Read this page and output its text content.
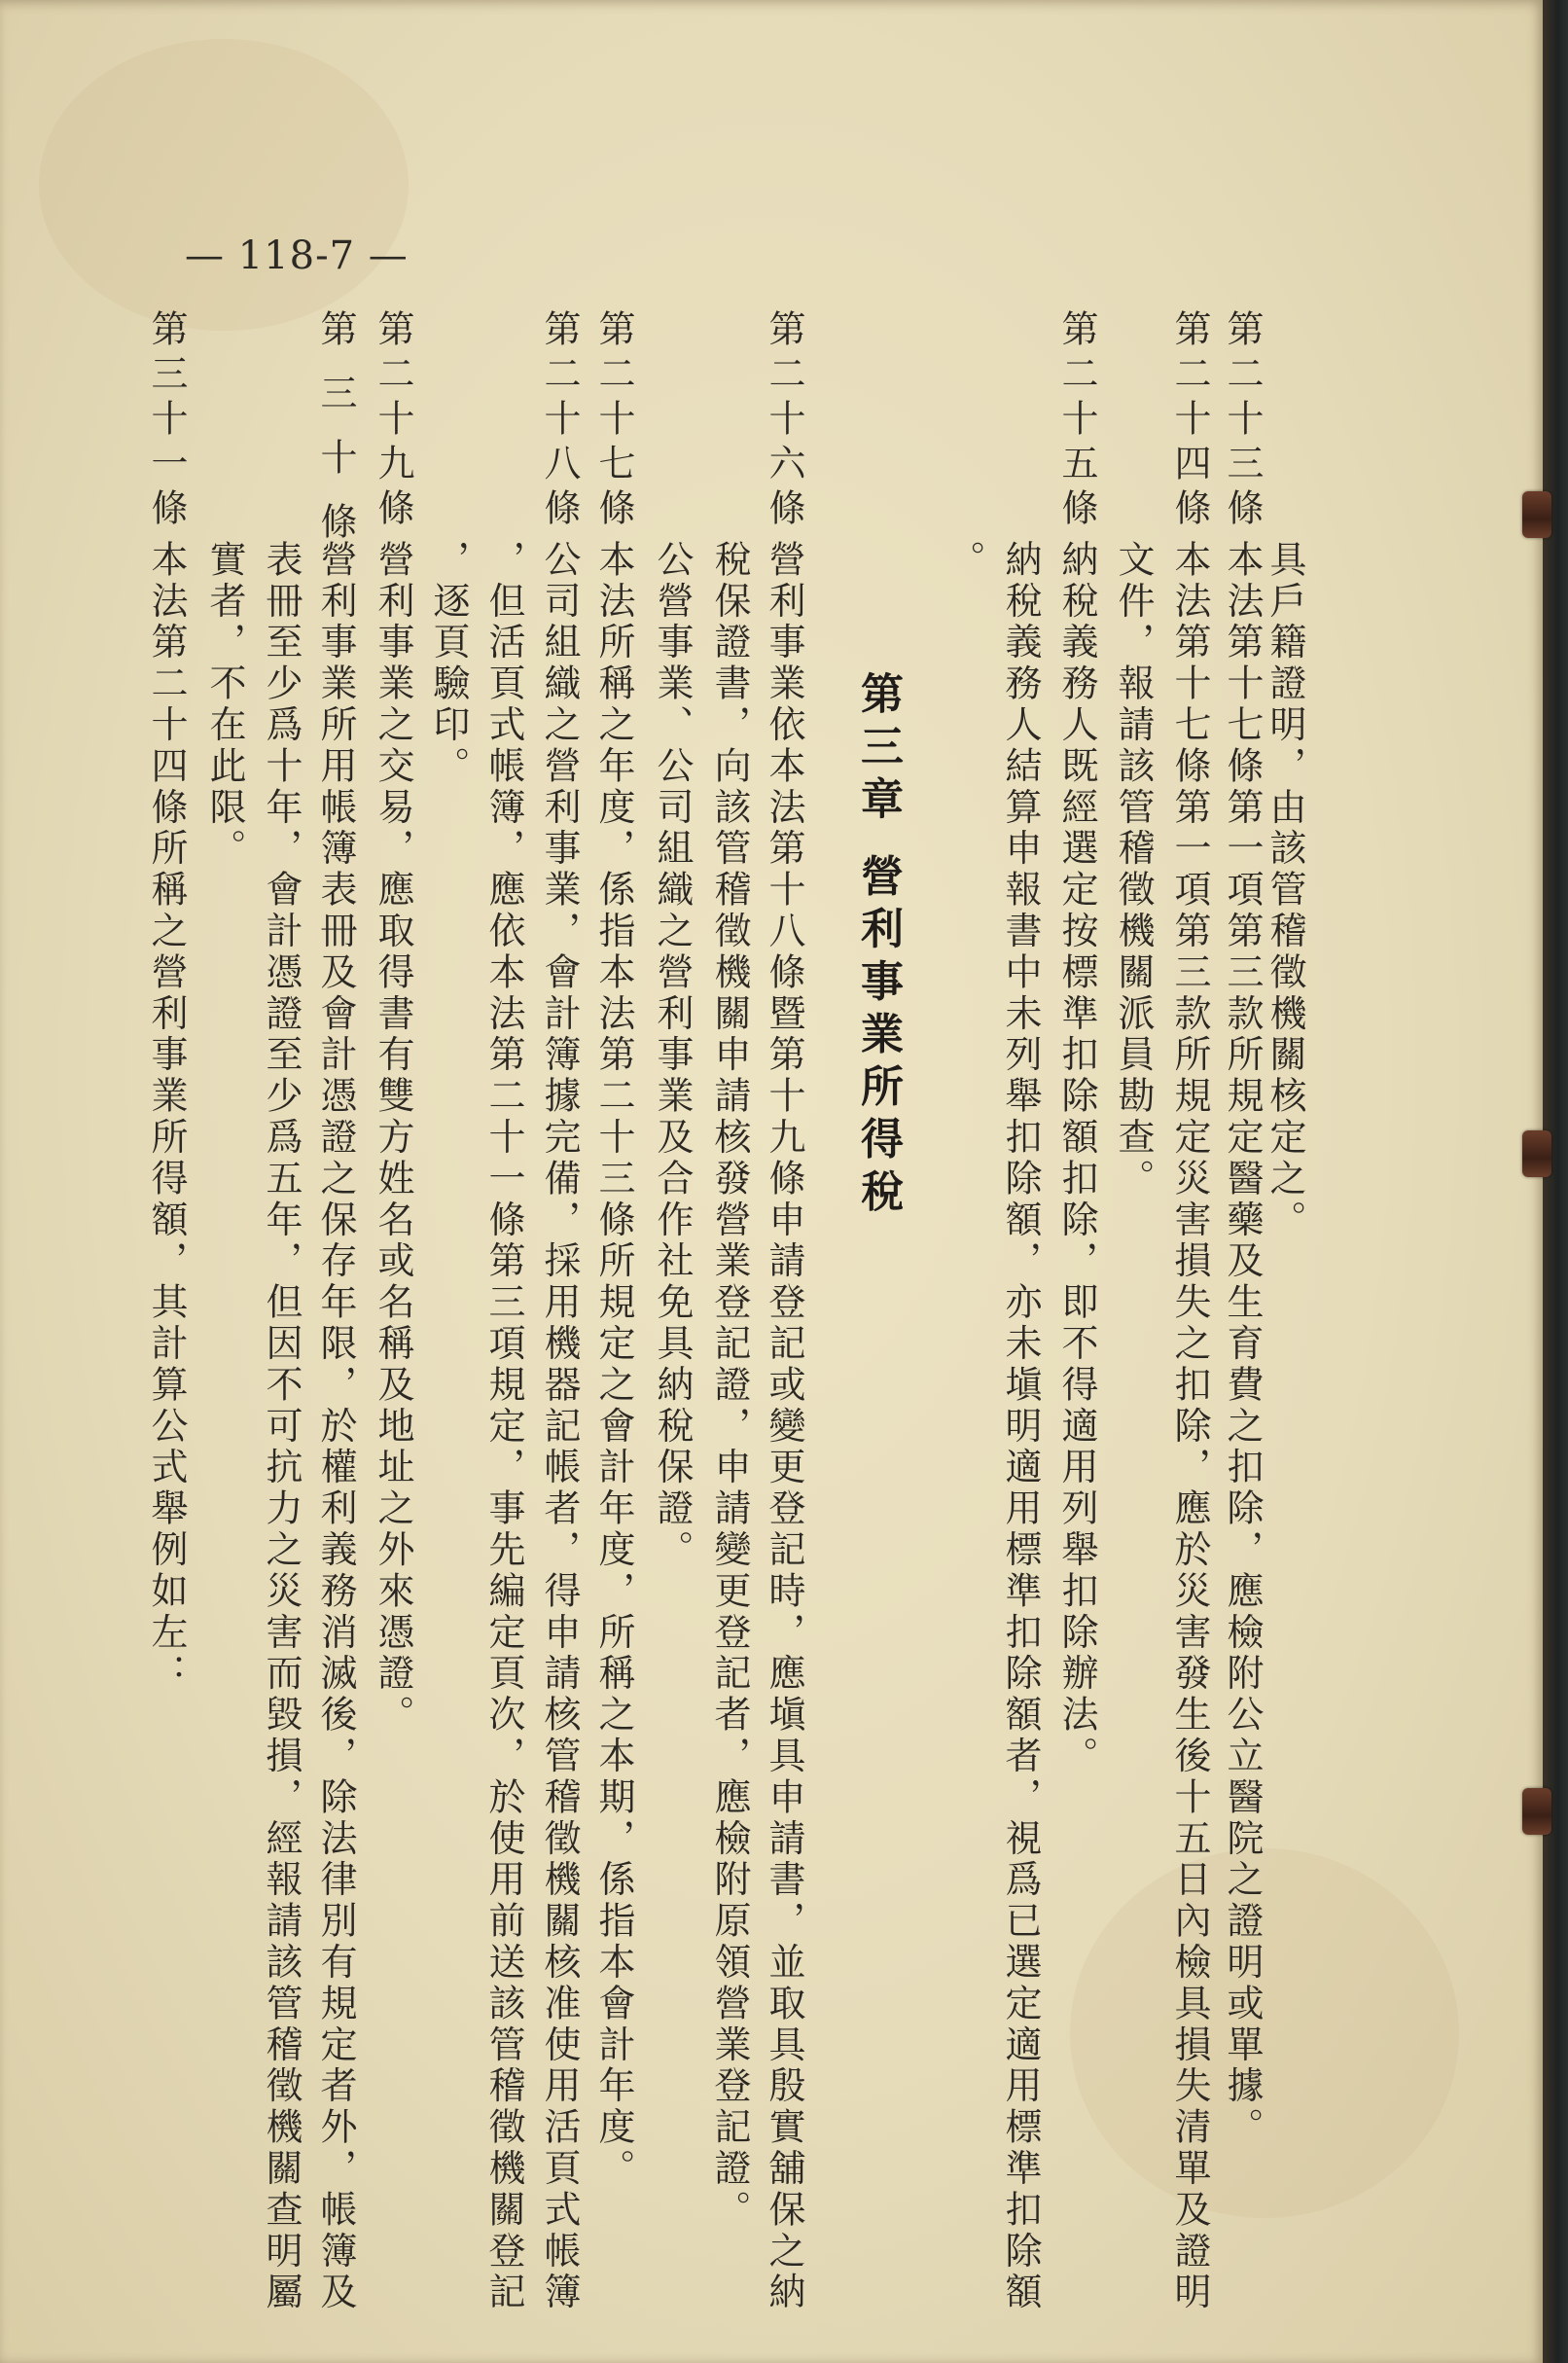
— 118-7 —
具戶籍證明，由該管稽徵機關核定之。
第二十三條
本法第十七條第一項第三款所規定醫藥及生育費之扣除，應檢附公立醫院之證明或單據。
第二十四條
本法第十七條第一項第三款所規定災害損失之扣除，應於災害發生後十五日內檢具損失清單及證明
文件，報請該管稽徵機關派員勘查。
第二十五條
納稅義務人既經選定按標準扣除額扣除，即不得適用列舉扣除辦法。
納稅義務人結算申報書中未列舉扣除額，亦未塡明適用標準扣除額者，視爲已選定適用標準扣除額
。
第三章 營利事業所得稅
第二十六條
營利事業依本法第十八條暨第十九條申請登記或變更登記時，應塡具申請書，並取具殷實舖保之納
稅保證書，向該管稽徵機關申請核發營業登記證，申請變更登記者，應檢附原領營業登記證。
公營事業、公司組織之營利事業及合作社免具納稅保證。
第二十七條
本法所稱之年度，係指本法第二十三條所規定之會計年度，所稱之本期，係指本會計年度。
第二十八條
公司組織之營利事業，會計簿據完備，採用機器記帳者，得申請核管稽徵機關核准使用活頁式帳簿
，但活頁式帳簿，應依本法第二十一條第三項規定，事先編定頁次，於使用前送該管稽徵機關登記
，逐頁驗印。
第二十九條
營利事業之交易，應取得書有雙方姓名或名稱及地址之外來憑證。
第 三 十 條
營利事業所用帳簿表冊及會計憑證之保存年限，於權利義務消滅後，除法律別有規定者外，帳簿及
表冊至少爲十年，會計憑證至少爲五年，但因不可抗力之災害而毀損，經報請該管稽徵機關查明屬
實者，不在此限。
第三十一條
本法第二十四條所稱之營利事業所得額，其計算公式舉例如左：
